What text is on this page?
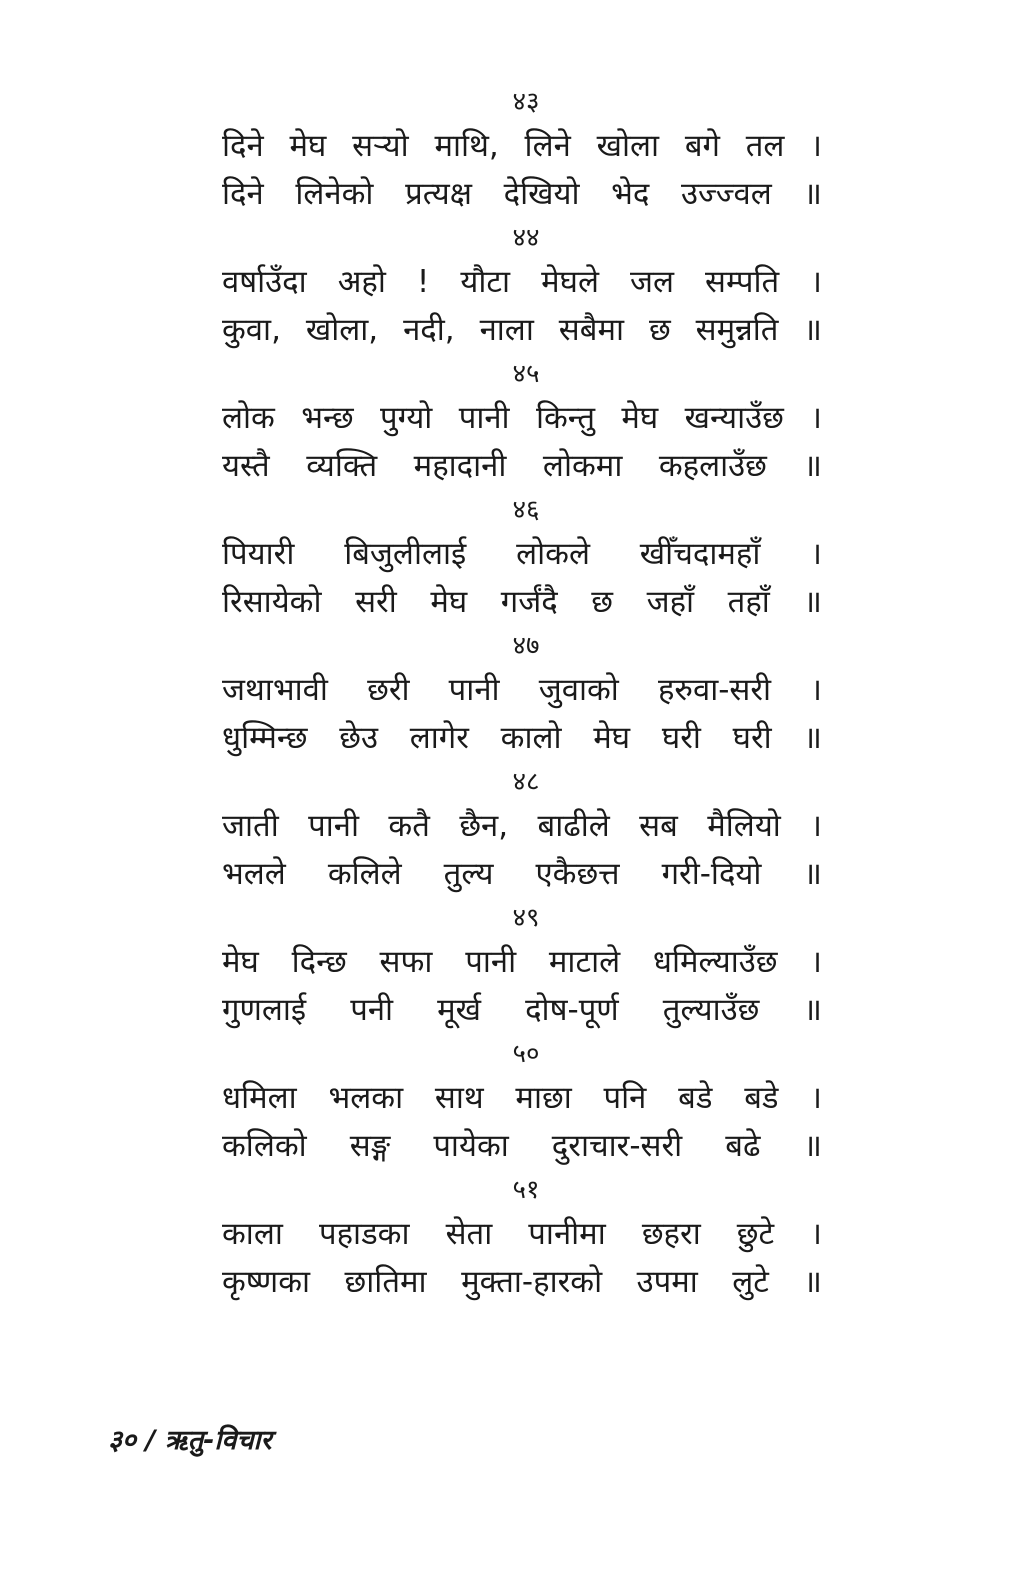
४३
दिने मेघ सऱ्यो माथि, लिने खोला बगे तल ।
दिने लिनेको प्रत्यक्ष देखियो भेद उज्ज्वल ॥
४४
वर्षाउँदा अहो ! यौटा मेघले जल सम्पति ।
कुवा, खोला, नदी, नाला सबैमा छ समुन्नति ॥
४५
लोक भन्छ पुग्यो पानी किन्तु मेघ खन्याउँछ ।
यस्तै व्यक्ति महादानी लोकमा कहलाउँछ ॥
४६
पियारी बिजुलीलाई लोकले खीँचदामहाँ ।
रिसायेको सरी मेघ गर्जंदै छ जहाँ तहाँ ॥
४७
जथाभावी छरी पानी जुवाको हरुवा-सरी ।
धुम्मिन्छ छेउ लागेर कालो मेघ घरी घरी ॥
४८
जाती पानी कतै छैन, बाढीले सब मैलियो ।
भलले कलिले तुल्य एकैछत्त गरी-दियो ॥
४९
मेघ दिन्छ सफा पानी माटाले धमिल्याउँछ ।
गुणलाई पनी मूर्ख दोष-पूर्ण तुल्याउँछ ॥
५०
धमिला भलका साथ माछा पनि बडे बडे ।
कलिको सङ्ग पायेका दुराचार-सरी बढे ॥
५१
काला पहाडका सेता पानीमा छहरा छुटे ।
कृष्णका छातिमा मुक्ता-हारको उपमा लुटे ॥
३० / ऋतु-विचार
